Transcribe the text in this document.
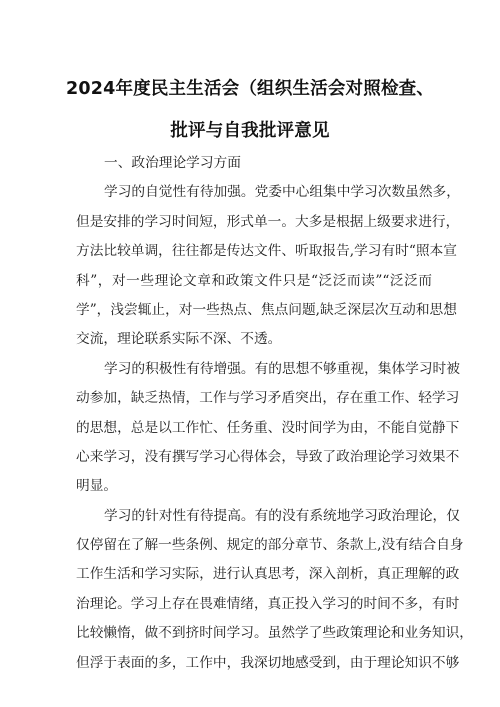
2024年度民主生活会（组织生活会对照检查、
批评与自我批评意见
一、政治理论学习方面
学习的自觉性有待加强。党委中心组集中学习次数虽然多，
但是安排的学习时间短，形式单一。大多是根据上级要求进行，
方法比较单调，往往都是传达文件、听取报告,学习有时“照本宣
科”，对一些理论文章和政策文件只是“泛泛而读”“泛泛而
学”，浅尝辄止，对一些热点、焦点问题,缺乏深层次互动和思想
交流，理论联系实际不深、不透。
学习的积极性有待增强。有的思想不够重视，集体学习时被
动参加，缺乏热情，工作与学习矛盾突出，存在重工作、轻学习
的思想，总是以工作忙、任务重、没时间学为由，不能自觉静下
心来学习，没有撰写学习心得体会，导致了政治理论学习效果不
明显。
学习的针对性有待提高。有的没有系统地学习政治理论，仅
仅停留在了解一些条例、规定的部分章节、条款上,没有结合自身
工作生活和学习实际，进行认真思考，深入剖析，真正理解的政
治理论。学习上存在畏难情绪，真正投入学习的时间不多，有时
比较懒惰，做不到挤时间学习。虽然学了些政策理论和业务知识，
但浮于表面的多，工作中，我深切地感受到，由于理论知识不够
